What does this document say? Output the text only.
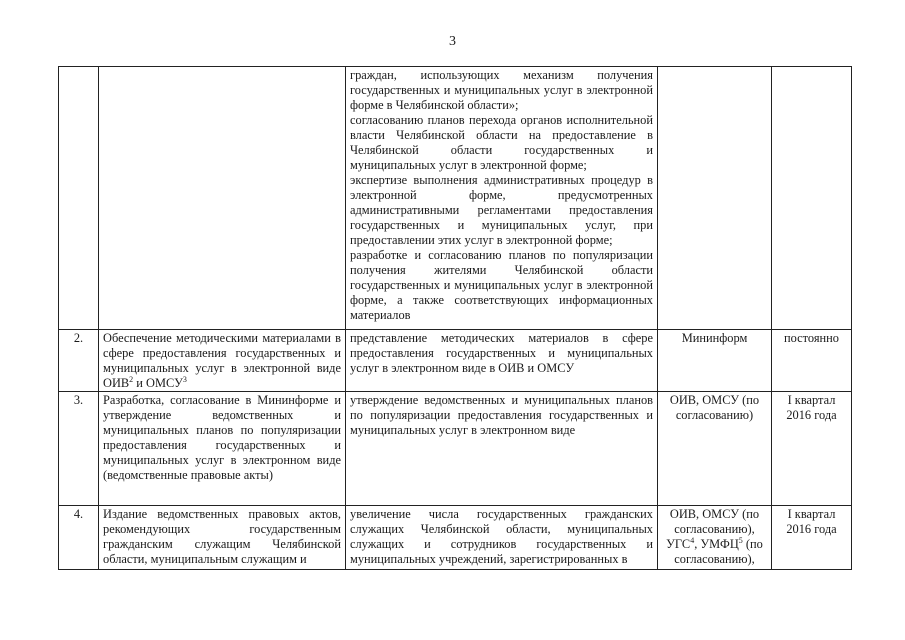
3

		граждан, использующих механизм получения государственных и муниципальных услуг в электронной форме в Челябинской области»;
согласованию планов перехода органов исполнительной власти Челябинской области на предоставление в Челябинской области государственных и муниципальных услуг в электронной форме;
экспертизе выполнения административных процедур в электронной форме, предусмотренных административными регламентами предоставления государственных и муниципальных услуг, при предоставлении этих услуг в электронной форме;
разработке и согласованию планов по популяризации получения жителями Челябинской области государственных и муниципальных услуг в электронной форме, а также соответствующих информационных материалов		

2.	Обеспечение методическими материалами в сфере предоставления государственных и муниципальных услуг в электронной виде ОИВ$^2$ и ОМСУ$^3$	представление методических материалов в сфере предоставления государственных и муниципальных услуг в электронном виде в ОИВ и ОМСУ	Мининформ	постоянно
3.	Разработка, согласование в Мининформе и утверждение ведомственных и муниципальных планов по популяризации предоставления государственных и муниципальных услуг в электронном виде (ведомственные правовые акты)	утверждение ведомственных и муниципальных планов по популяризации предоставления государственных и муниципальных услуг в электронном виде	ОИВ, ОМСУ (по согласованию)	I квартал 2016 года
4.	Издание ведомственных правовых актов, рекомендующих государственным гражданским служащим Челябинской области, муниципальным служащим и	увеличение числа государственных гражданских служащих Челябинской области, муниципальных служащих и сотрудников государственных и муниципальных учреждений, зарегистрированных в	ОИВ, ОМСУ (по согласованию), УГС$^4$, УМФЦ$^5$ (по согласованию),	I квартал 2016 года
